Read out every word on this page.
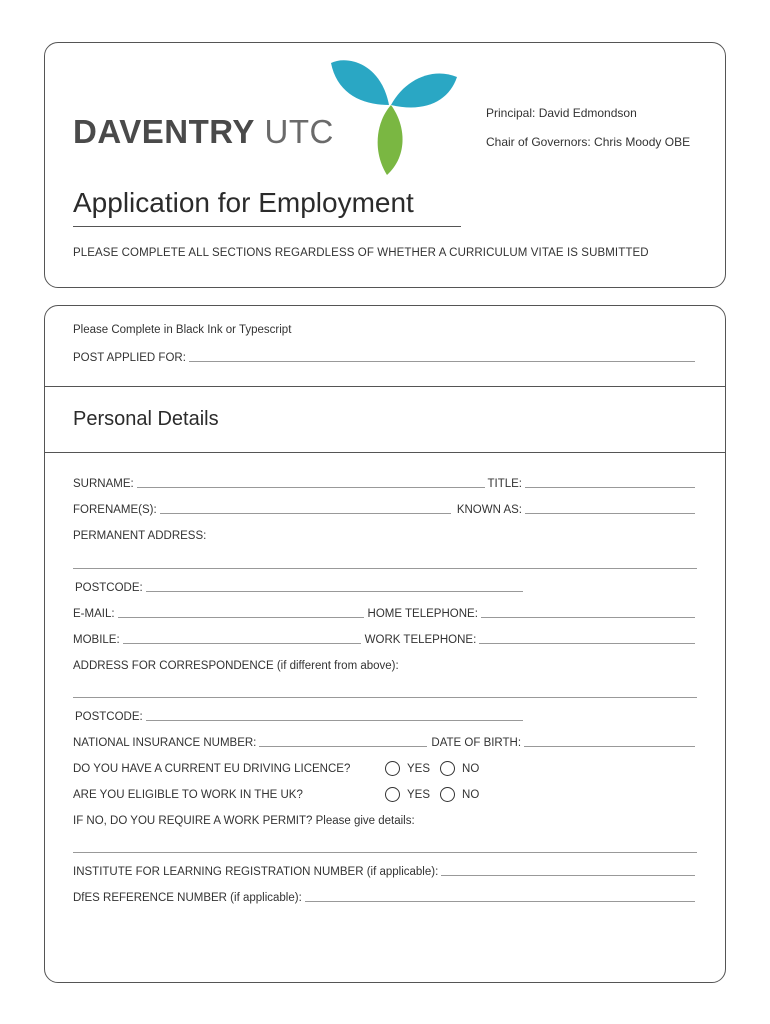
DAVENTRY UTC	Principal: David Edmondson
Chair of Governors: Chris Moody OBE
Application for Employment
PLEASE COMPLETE ALL SECTIONS REGARDLESS OF WHETHER A CURRICULUM VITAE IS SUBMITTED
Please Complete in Black Ink or Typescript
POST APPLIED FOR:
Personal Details
SURNAME:	TITLE:
FORENAME(S):	KNOWN AS:
PERMANENT ADDRESS:
POSTCODE:
E-MAIL:	HOME TELEPHONE:
MOBILE:	WORK TELEPHONE:
ADDRESS FOR CORRESPONDENCE (if different from above):
POSTCODE:
NATIONAL INSURANCE NUMBER:	DATE OF BIRTH:
DO YOU HAVE A CURRENT EU DRIVING LICENCE?	YES	NO
ARE YOU ELIGIBLE TO WORK IN THE UK?	YES	NO
IF NO, DO YOU REQUIRE A WORK PERMIT? Please give details:
INSTITUTE FOR LEARNING REGISTRATION NUMBER (if applicable):
DfES REFERENCE NUMBER (if applicable):
